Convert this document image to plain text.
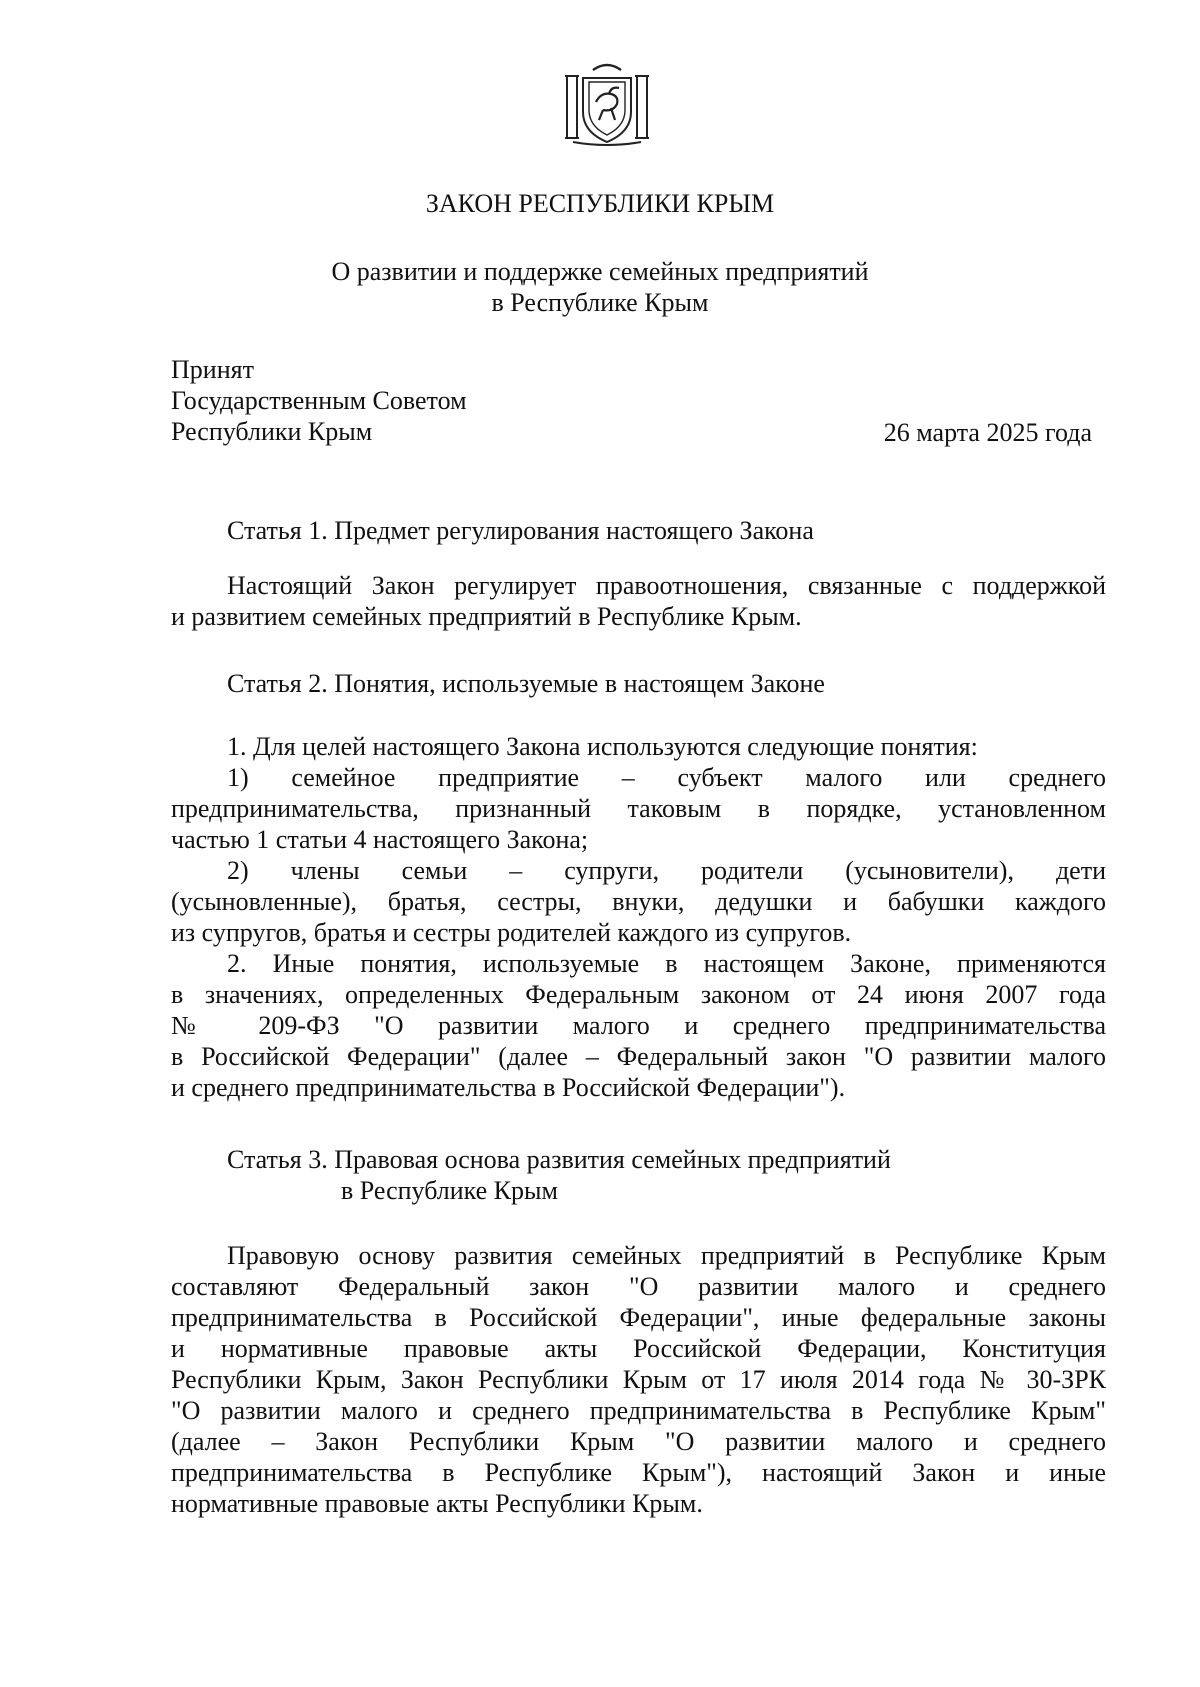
ЗАКОН РЕСПУБЛИКИ КРЫМ
О развитии и поддержке семейных предприятий
в Республике Крым
Принят
Государственным Советом
Республики Крым	26 марта 2025 года
Статья 1. Предмет регулирования настоящего Закона
Настоящий Закон регулирует правоотношения, связанные с поддержкой
и развитием семейных предприятий в Республике Крым.
Статья 2. Понятия, используемые в настоящем Законе
1. Для целей настоящего Закона используются следующие понятия:
1) семейное предприятие – субъект малого или среднего
предпринимательства, признанный таковым в порядке, установленном
частью 1 статьи 4 настоящего Закона;
2) члены семьи – супруги, родители (усыновители), дети
(усыновленные), братья, сестры, внуки, дедушки и бабушки каждого
из супругов, братья и сестры родителей каждого из супругов.
2. Иные понятия, используемые в настоящем Законе, применяются
в значениях, определенных Федеральным законом от 24 июня 2007 года
№ 209-ФЗ "О развитии малого и среднего предпринимательства
в Российской Федерации" (далее – Федеральный закон "О развитии малого
и среднего предпринимательства в Российской Федерации").
Статья 3. Правовая основа развития семейных предприятий
в Республике Крым
Правовую основу развития семейных предприятий в Республике Крым
составляют Федеральный закон "О развитии малого и среднего
предпринимательства в Российской Федерации", иные федеральные законы
и нормативные правовые акты Российской Федерации, Конституция
Республики Крым, Закон Республики Крым от 17 июля 2014 года № 30-ЗРК
"О развитии малого и среднего предпринимательства в Республике Крым"
(далее – Закон Республики Крым "О развитии малого и среднего
предпринимательства в Республике Крым"), настоящий Закон и иные
нормативные правовые акты Республики Крым.
